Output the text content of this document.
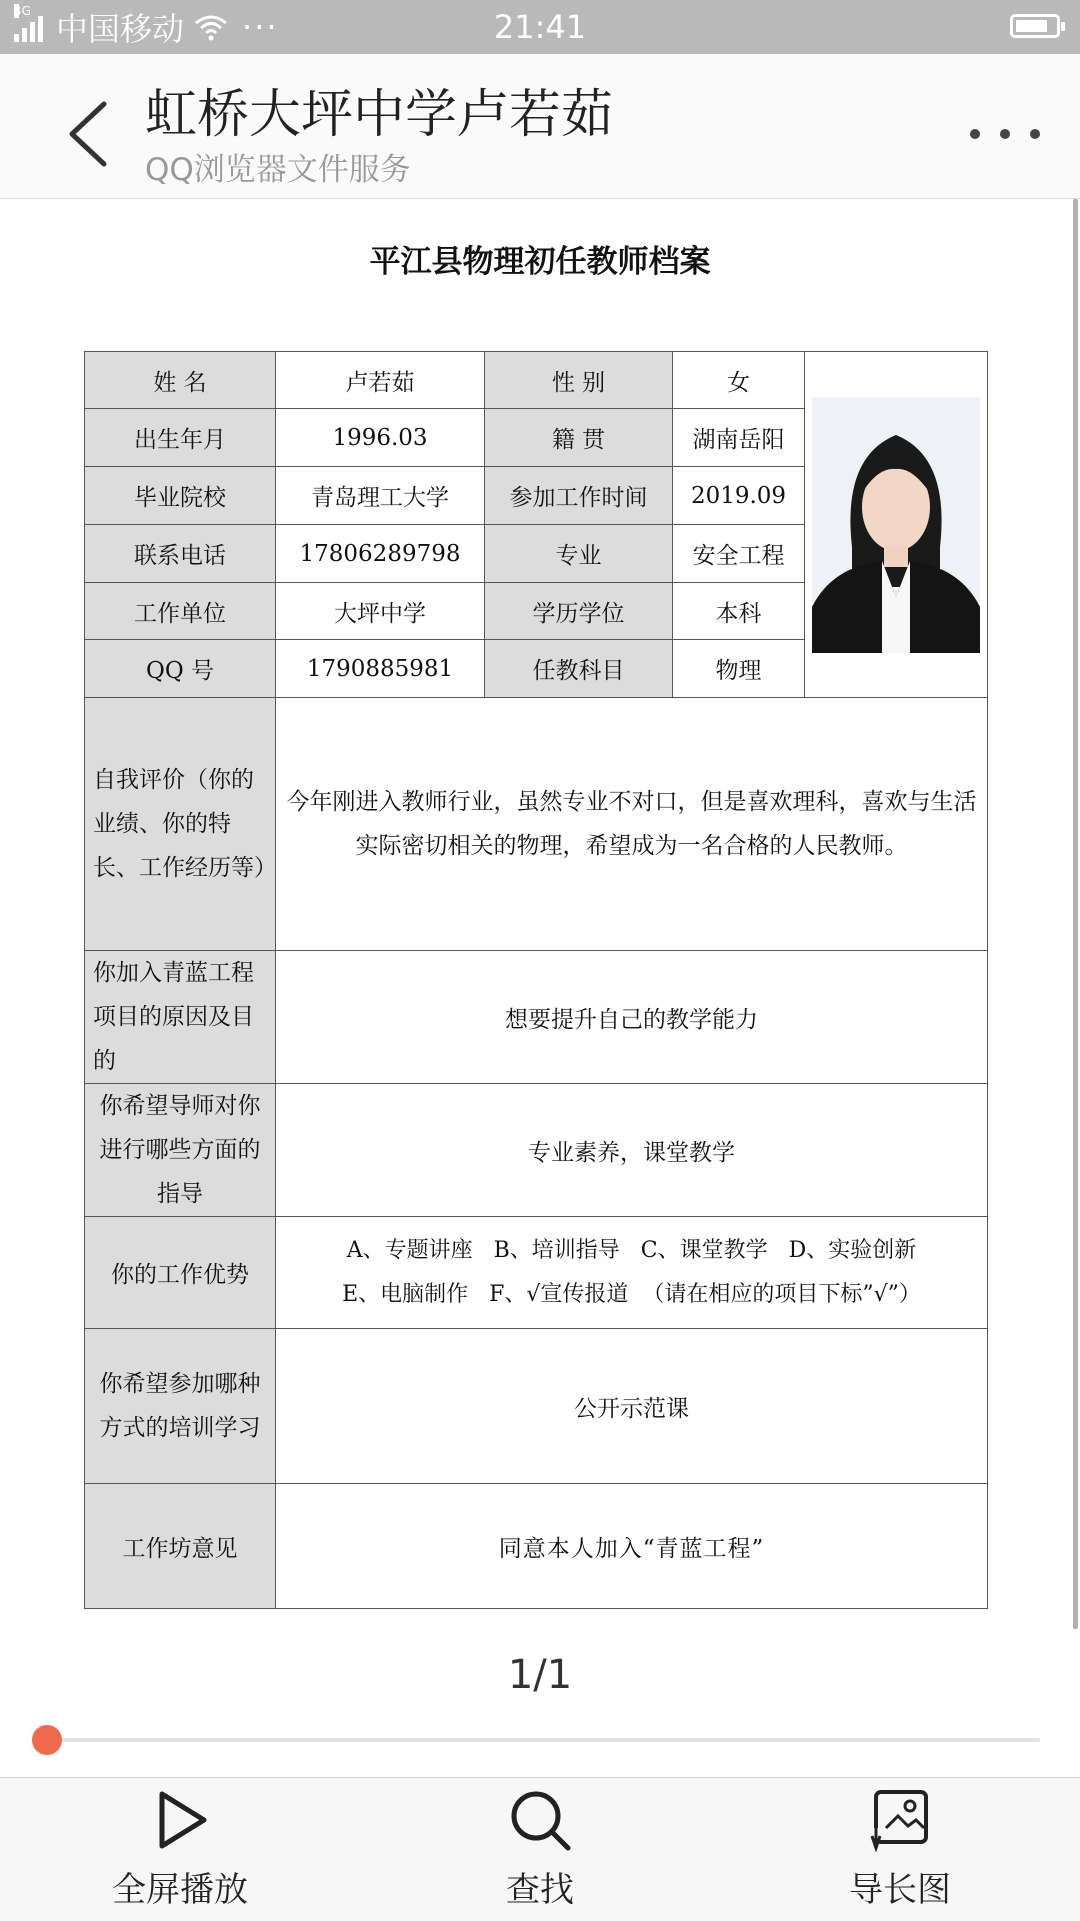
4G 中国移动 ···	21:41
虹桥大坪中学卢若茹
QQ浏览器文件服务
平江县物理初任教师档案
姓 名	卢若茹	性 别	女	

出生年月	1996.03	籍 贯	湖南岳阳	
毕业院校	青岛理工大学	参加工作时间	2019.09	
联系电话	17806289798	专业	安全工程	
工作单位	大坪中学	学历学位	本科	
QQ 号	1790885981	任教科目	物理	
自我评价（你的业绩、你的特长、工作经历等）	今年刚进入教师行业，虽然专业不对口，但是喜欢理科，喜欢与生活实际密切相关的物理，希望成为一名合格的人民教师。			
你加入青蓝工程项目的原因及目的	想要提升自己的教学能力			
你希望导师对你进行哪些方面的指导	专业素养，课堂教学			
你的工作优势	A、专题讲座   B、培训指导   C、课堂教学   D、实验创新
E、电脑制作   F、√宣传报道  （请在相应的项目下标”√”）			

你希望参加哪种方式的培训学习	公开示范课			
工作坊意见	同意本人加入“青蓝工程”			
1/1
全屏播放	查找	导长图
